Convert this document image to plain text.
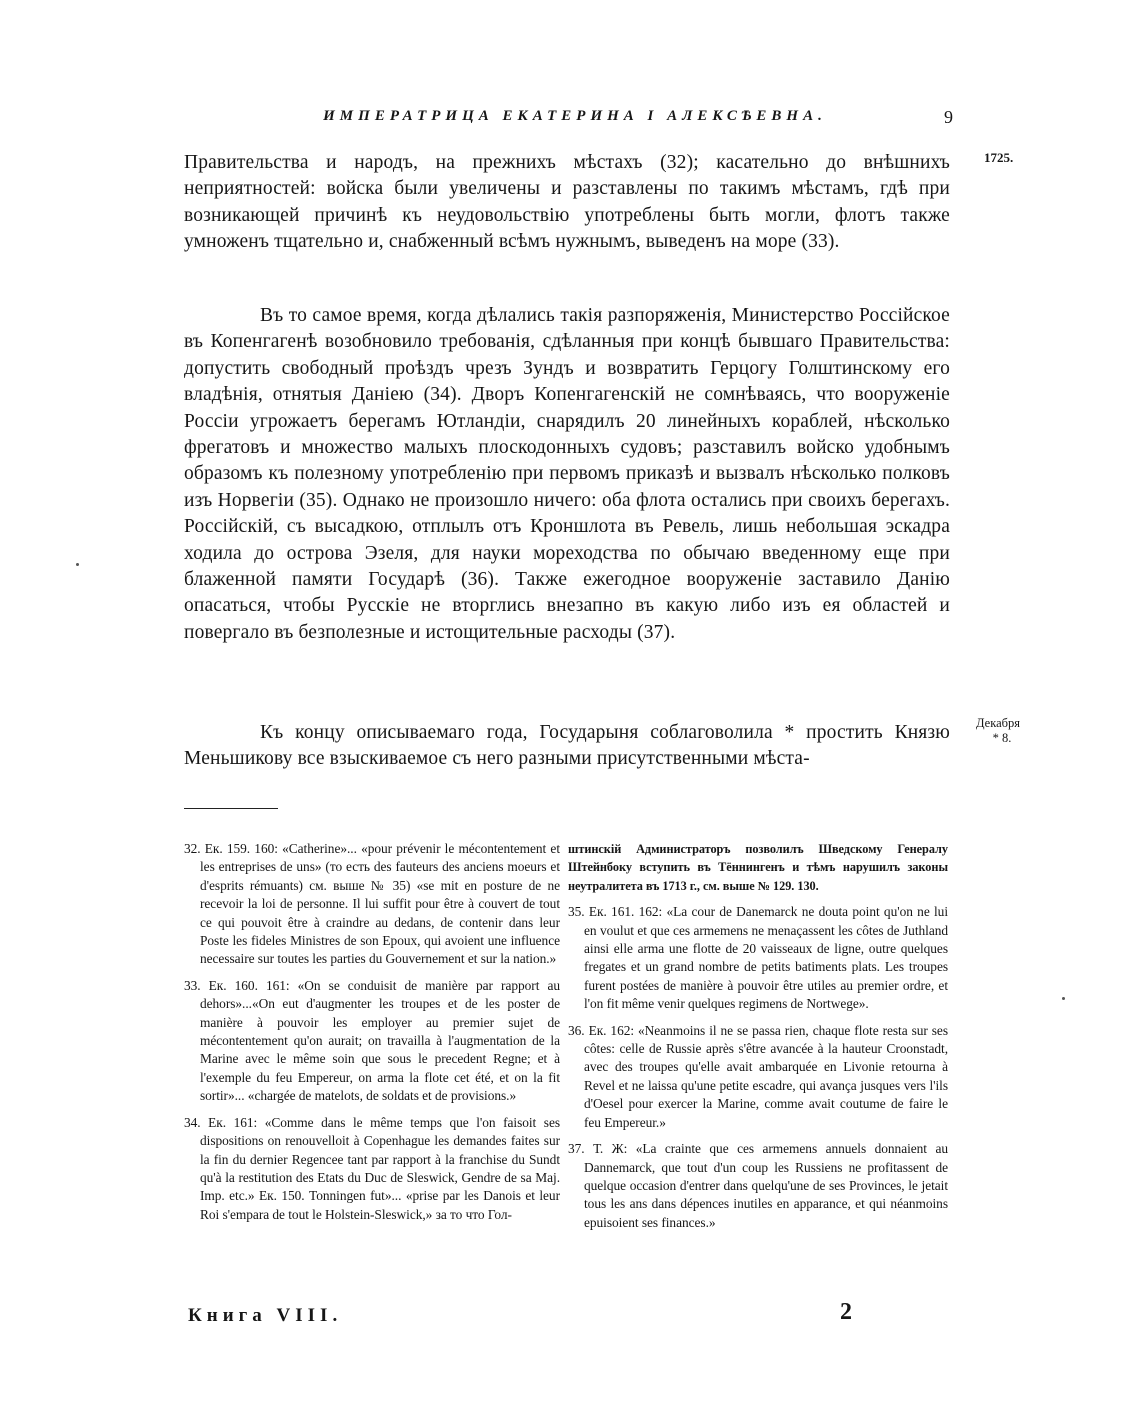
ИМПЕРАТРИЦА ЕКАТЕРИНА I АЛЕКСѢЕВНА.	9
1725.
Декабря
* 8.

Правительства и народъ, на прежнихъ мѣстахъ (32); касательно до внѣшнихъ неприятностей: войска были увеличены и разставлены по такимъ мѣстамъ, гдѣ при возникающей причинѣ къ неудовольствію употреблены быть могли, флотъ также умноженъ тщательно и, снабженный всѣмъ нужнымъ, выведенъ на море (33).

Въ то самое время, когда дѣлались такія разпоряженія, Министерство Россійское въ Копенгагенѣ возобновило требованія, сдѣланныя при концѣ бывшаго Правительства: допустить свободный проѣздъ чрезъ Зундъ и возвратить Герцогу Голштинскому его владѣнія, отнятыя Даніею (34). Дворъ Копенгагенскій не сомнѣваясь, что вооруженіе Россіи угрожаетъ берегамъ Ютландіи, снарядилъ 20 линейныхъ кораблей, нѣсколько фрегатовъ и множество малыхъ плоскодонныхъ судовъ; разставилъ войско удобнымъ образомъ къ полезному употребленію при первомъ приказѣ и вызвалъ нѣсколько полковъ изъ Норвегіи (35). Однако не произошло ничего: оба флота остались при своихъ берегахъ. Россійскій, съ высадкою, отплылъ отъ Кроншлота въ Ревель, лишь небольшая эскадра ходила до острова Эзеля, для науки мореходства по обычаю введенному еще при блаженной памяти Государѣ (36). Также ежегодное вооруженіе заставило Данію опасаться, чтобы Русскіе не вторглись внезапно въ какую либо изъ ея областей и повергало въ безполезные и истощительные расходы (37).

Къ концу описываемаго года, Государыня соблаговолила * простить Князю Меньшикову все взыскиваемое съ него разными присутственными мѣста-

32. Ек. 159. 160: «Catherine»... «pour prévenir le mécontentement et les entreprises de uns» (то есть des fauteurs des anciens moeurs et d'esprits rémuants) см. выше № 35) «se mit en posture de ne recevoir la loi de personne. Il lui suffit pour être à couvert de tout ce qui pouvoit être à craindre au dedans, de contenir dans leur Poste les fideles Ministres de son Epoux, qui avoient une influence necessaire sur toutes les parties du Gouvernement et sur la nation.»

33. Ек. 160. 161: «On se conduisit de manière par rapport au dehors»...«On eut d'augmenter les troupes et de les poster de manière à pouvoir les employer au premier sujet de mécontentement qu'on aurait; on travailla à l'augmentation de la Marine avec le même soin que sous le precedent Regne; et à l'exemple du feu Empereur, on arma la flote cet été, et on la fit sortir»... «chargée de matelots, de soldats et de provisions.»

34. Ек. 161: «Comme dans le même temps que l'on faisoit ses dispositions on renouvelloit à Copenhague les demandes faites sur la fin du dernier Regencee tant par rapport à la franchise du Sundt qu'à la restitution des Etats du Duc de Sleswick, Gendre de sa Maj. Imp. etc.» Ек. 150. Tonningen fut»... «prise par les Danois et leur Roi s'empara de tout le Holstein-Sleswick,» за то что Гол-

штинскій Администраторъ позволилъ Шведскому Генералу Штейнбоку вступить въ Тённингенъ и тѣмъ нарушилъ законы неутралитета въ 1713 г., см. выше № 129. 130.

35. Ек. 161. 162: «La cour de Danemarck ne douta point qu'on ne lui en voulut et que ces armemens ne menaçassent les côtes de Juthland ainsi elle arma une flotte de 20 vaisseaux de ligne, outre quelques fregates et un grand nombre de petits batiments plats. Les troupes furent postées de manière à pouvoir être utiles au premier ordre, et l'on fit même venir quelques regimens de Nortwege».

36. Ек. 162: «Neanmoins il ne se passa rien, chaque flote resta sur ses côtes: celle de Russie après s'être avancée à la hauteur Croonstadt, avec des troupes qu'elle avait ambarquée en Livonie retourna à Revel et ne laissa qu'une petite escadre, qui avança jusques vers l'ils d'Oesel pour exercer la Marine, comme avait coutume de faire le feu Empereur.»

37. Т. Ж: «La crainte que ces armemens annuels donnaient au Dannemarck, que tout d'un coup les Russiens ne profitassent de quelque occasion d'entrer dans quelqu'une de ses Provinces, le jetait tous les ans dans dépences inutiles en apparance, et qui néanmoins epuisoient ses finances.»

Книга VIII.	2
